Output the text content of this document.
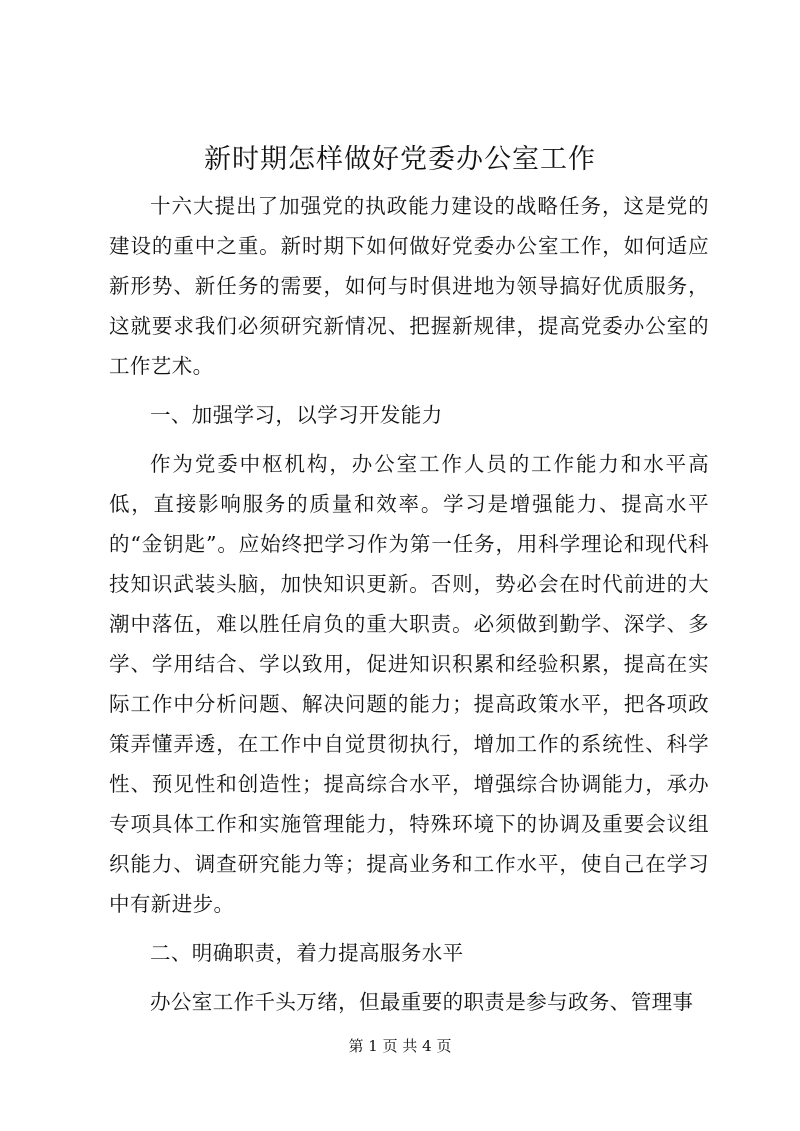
新时期怎样做好党委办公室工作

十六大提出了加强党的执政能力建设的战略任务，这是党的建设的重中之重。新时期下如何做好党委办公室工作，如何适应新形势、新任务的需要，如何与时俱进地为领导搞好优质服务，这就要求我们必须研究新情况、把握新规律，提高党委办公室的工作艺术。

一、加强学习，以学习开发能力

作为党委中枢机构，办公室工作人员的工作能力和水平高低，直接影响服务的质量和效率。学习是增强能力、提高水平的“金钥匙”。应始终把学习作为第一任务，用科学理论和现代科技知识武装头脑，加快知识更新。否则，势必会在时代前进的大潮中落伍，难以胜任肩负的重大职责。必须做到勤学、深学、多学、学用结合、学以致用，促进知识积累和经验积累，提高在实际工作中分析问题、解决问题的能力；提高政策水平，把各项政策弄懂弄透，在工作中自觉贯彻执行，增加工作的系统性、科学性、预见性和创造性；提高综合水平，增强综合协调能力，承办专项具体工作和实施管理能力，特殊环境下的协调及重要会议组织能力、调查研究能力等；提高业务和工作水平，使自己在学习中有新进步。

二、明确职责，着力提高服务水平

办公室工作千头万绪，但最重要的职责是参与政务、管理事

第 1 页 共 4 页
